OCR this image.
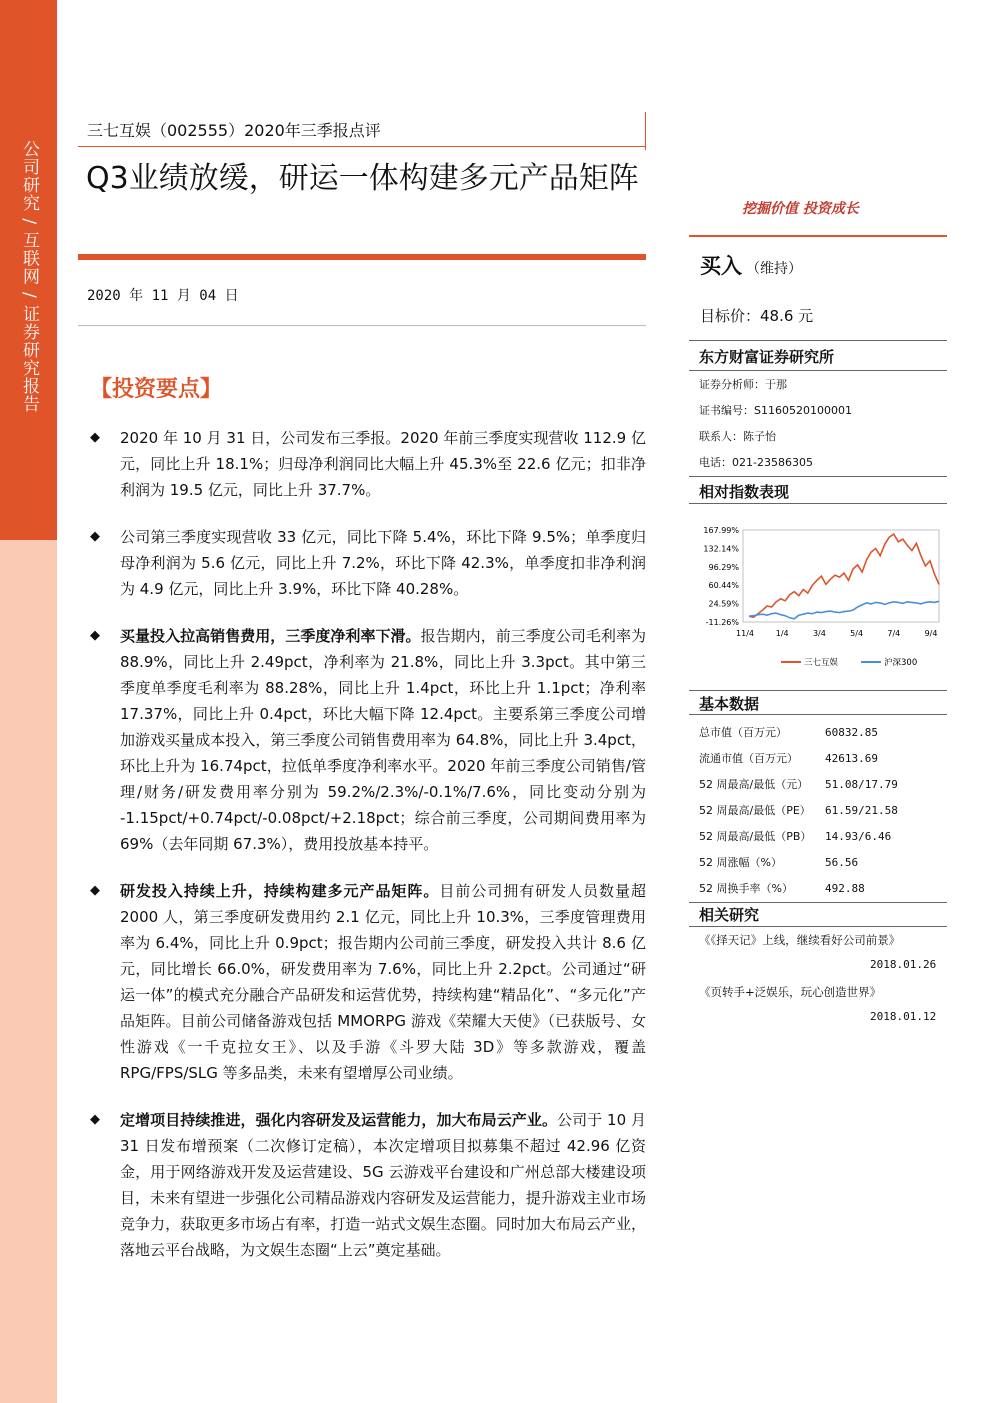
公司研究 / 互联网 / 证券研究报告
三七互娱（002555）2020年三季报点评
Q3业绩放缓，研运一体构建多元产品矩阵
2020 年 11 月 04 日
【投资要点】
◆ 2020 年 10 月 31 日，公司发布三季报。2020 年前三季度实现营收 112.9 亿元，同比上升 18.1%；归母净利润同比大幅上升 45.3%至 22.6 亿元；扣非净利润为 19.5 亿元，同比上升 37.7%。
◆ 公司第三季度实现营收 33 亿元，同比下降 5.4%，环比下降 9.5%；单季度归母净利润为 5.6 亿元，同比上升 7.2%，环比下降 42.3%，单季度扣非净利润为 4.9 亿元，同比上升 3.9%，环比下降 40.28%。
◆ 买量投入拉高销售费用，三季度净利率下滑。报告期内，前三季度公司毛利率为 88.9%，同比上升 2.49pct，净利率为 21.8%，同比上升 3.3pct。其中第三季度单季度毛利率为 88.28%，同比上升 1.4pct，环比上升 1.1pct；净利率 17.37%，同比上升 0.4pct，环比大幅下降 12.4pct。主要系第三季度公司增加游戏买量成本投入，第三季度公司销售费用率为 64.8%，同比上升 3.4pct，环比上升为 16.74pct，拉低单季度净利率水平。2020 年前三季度公司销售/管理/财务/研发费用率分别为 59.2%/2.3%/-0.1%/7.6%，同比变动分别为 -1.15pct/+0.74pct/-0.08pct/+2.18pct；综合前三季度，公司期间费用率为 69%（去年同期 67.3%），费用投放基本持平。
◆ 研发投入持续上升，持续构建多元产品矩阵。目前公司拥有研发人员数量超 2000 人，第三季度研发费用约 2.1 亿元，同比上升 10.3%，三季度管理费用率为 6.4%，同比上升 0.9pct；报告期内公司前三季度，研发投入共计 8.6 亿元，同比增长 66.0%，研发费用率为 7.6%，同比上升 2.2pct。公司通过“研运一体”的模式充分融合产品研发和运营优势，持续构建“精品化”、“多元化”产品矩阵。目前公司储备游戏包括 MMORPG 游戏《荣耀大天使》（已获版号、女性游戏《一千克拉女王》、以及手游《斗罗大陆 3D》等多款游戏，覆盖 RPG/FPS/SLG 等多品类，未来有望增厚公司业绩。
◆ 定增项目持续推进，强化内容研发及运营能力，加大布局云产业。公司于 10 月 31 日发布增预案（二次修订定稿），本次定增项目拟募集不超过 42.96 亿资金，用于网络游戏开发及运营建设、5G 云游戏平台建设和广州总部大楼建设项目，未来有望进一步强化公司精品游戏内容研发及运营能力，提升游戏主业市场竞争力，获取更多市场占有率，打造一站式文娱生态圈。同时加大布局云产业，落地云平台战略，为文娱生态圈“上云”奠定基础。
挖掘价值 投资成长
买入 （维持）
目标价：48.6 元
东方财富证券研究所
证券分析师：于那
证书编号：S1160520100001
联系人：陈子怡
电话：021-23586305
相对指数表现
167.99%
132.14%
96.29%
60.44%
24.59%
-11.26%
11/4	1/4	3/4	5/4	7/4	9/4
三七互娱	沪深300
基本数据
总市值（百万元）	60832.85
流通市值（百万元）	42613.69
52 周最高/最低（元）	51.08/17.79
52 周最高/最低（PE）	61.59/21.58
52 周最高/最低（PB）	14.93/6.46
52 周涨幅（%）	56.56
52 周换手率（%）	492.88
相关研究
《《择天记》上线，继续看好公司前景》
2018.01.26
《页转手+泛娱乐，玩心创造世界》
2018.01.12
